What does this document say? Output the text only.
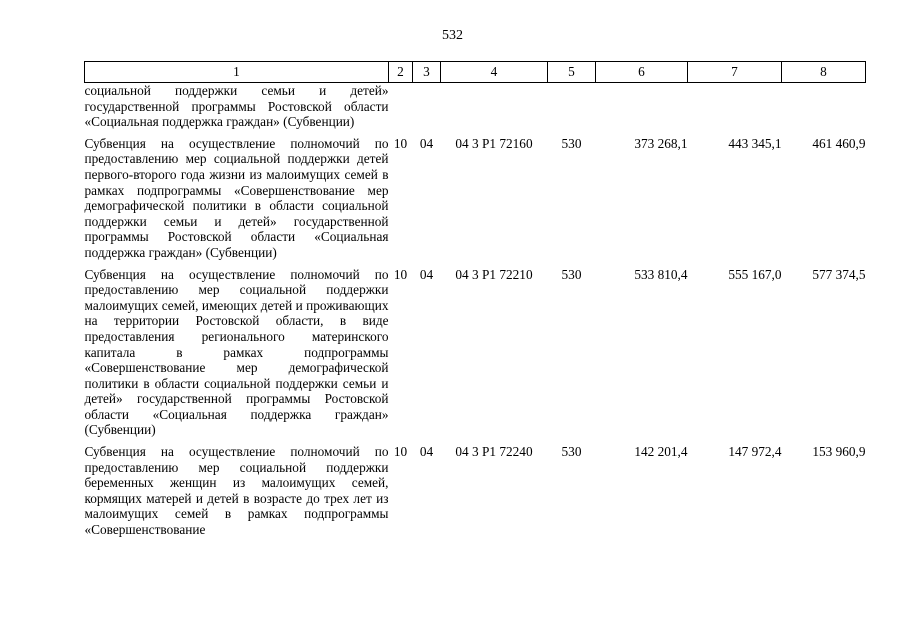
532
1	2	3	4	5	6	7	8
социальной поддержки семьи и детей» государственной программы Ростовской области «Социальная поддержка граждан» (Субвенции)							
Субвенция на осуществление полномочий по предоставлению мер социальной поддержки детей первого-второго года жизни из малоимущих семей в рамках подпрограммы «Совершенствование мер демографической политики в области социальной поддержки семьи и детей» государственной программы Ростовской области «Социальная поддержка граждан» (Субвенции)	10	04	04 3 P1 72160	530	373 268,1	443 345,1	461 460,9
Субвенция на осуществление полномочий по предоставлению мер социальной поддержки малоимущих семей, имеющих детей и проживающих на территории Ростовской области, в виде предоставления регионального материнского капитала в рамках подпрограммы «Совершенствование мер демографической политики в области социальной поддержки семьи и детей» государственной программы Ростовской области «Социальная поддержка граждан» (Субвенции)	10	04	04 3 P1 72210	530	533 810,4	555 167,0	577 374,5
Субвенция на осуществление полномочий по предоставлению мер социальной поддержки беременных женщин из малоимущих семей, кормящих матерей и детей в возрасте до трех лет из малоимущих семей в рамках подпрограммы «Совершенствование	10	04	04 3 P1 72240	530	142 201,4	147 972,4	153 960,9
